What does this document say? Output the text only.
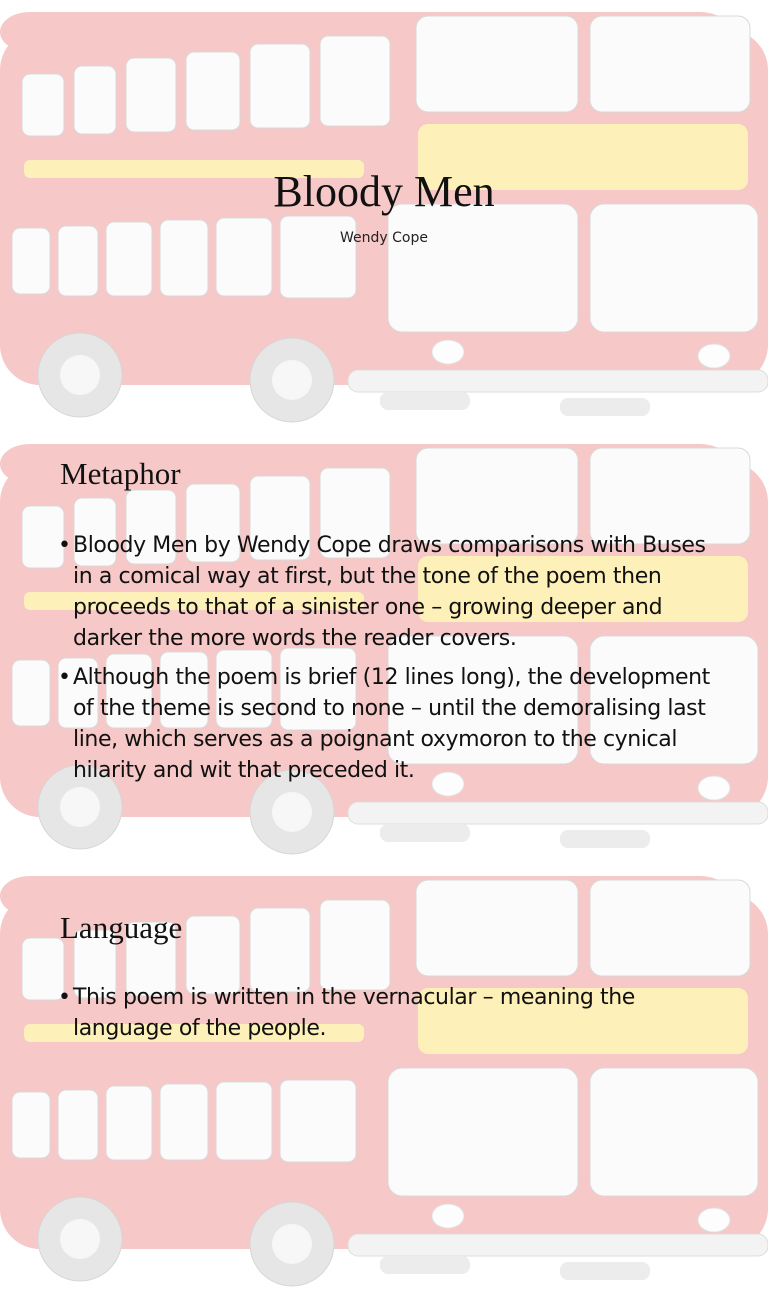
Bloody Men
Wendy Cope
Metaphor
• Bloody Men by Wendy Cope draws comparisons with Buses in a comical way at first, but the tone of the poem then proceeds to that of a sinister one – growing deeper and darker the more words the reader covers.
• Although the poem is brief (12 lines long), the development of the theme is second to none – until the demoralising last line, which serves as a poignant oxymoron to the cynical hilarity and wit that preceded it.
Language
• This poem is written in the vernacular – meaning the language of the people.
